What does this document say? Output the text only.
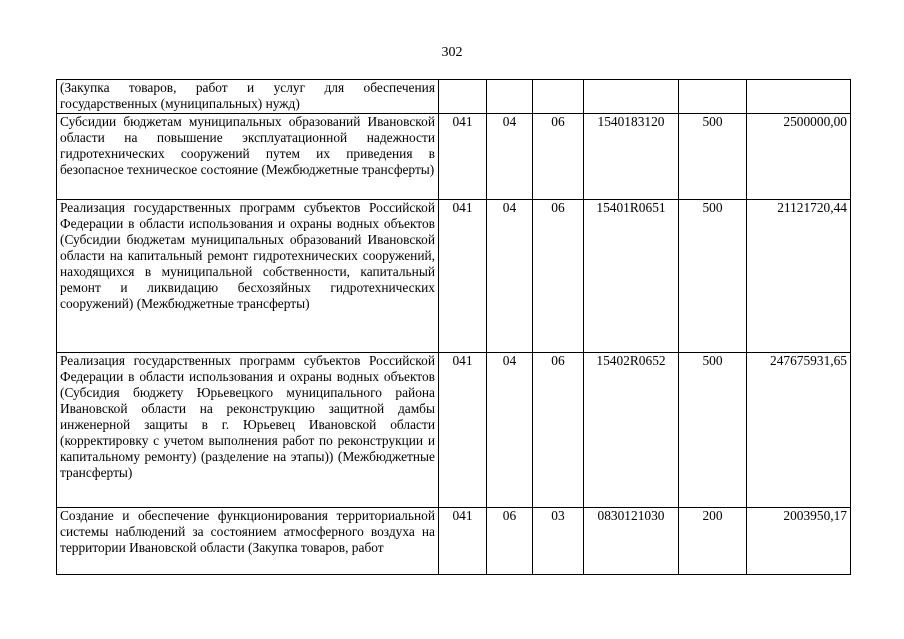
302
(Закупка товаров, работ и услуг для обеспечения государственных (муниципальных) нужд)						
Субсидии бюджетам муниципальных образований Ивановской области на повышение эксплуатационной надежности гидротехнических сооружений путем их приведения в безопасное техническое состояние (Межбюджетные трансферты)	041	04	06	1540183120	500	2500000,00
Реализация государственных программ субъектов Российской Федерации в области использования и охраны водных объектов (Субсидии бюджетам муниципальных образований Ивановской области на капитальный ремонт гидротехнических сооружений, находящихся в муниципальной собственности, капитальный ремонт и ликвидацию бесхозяйных гидротехнических сооружений) (Межбюджетные трансферты)	041	04	06	15401R0651	500	21121720,44
Реализация государственных программ субъектов Российской Федерации в области использования и охраны водных объектов (Субсидия бюджету Юрьевецкого муниципального района Ивановской области на реконструкцию защитной дамбы инженерной защиты в г. Юрьевец Ивановской области (корректировку с учетом выполнения работ по реконструкции и капитальному ремонту) (разделение на этапы)) (Межбюджетные трансферты)	041	04	06	15402R0652	500	247675931,65
Создание и обеспечение функционирования территориальной системы наблюдений за состоянием атмосферного воздуха на территории Ивановской области (Закупка товаров, работ	041	06	03	0830121030	200	2003950,17
